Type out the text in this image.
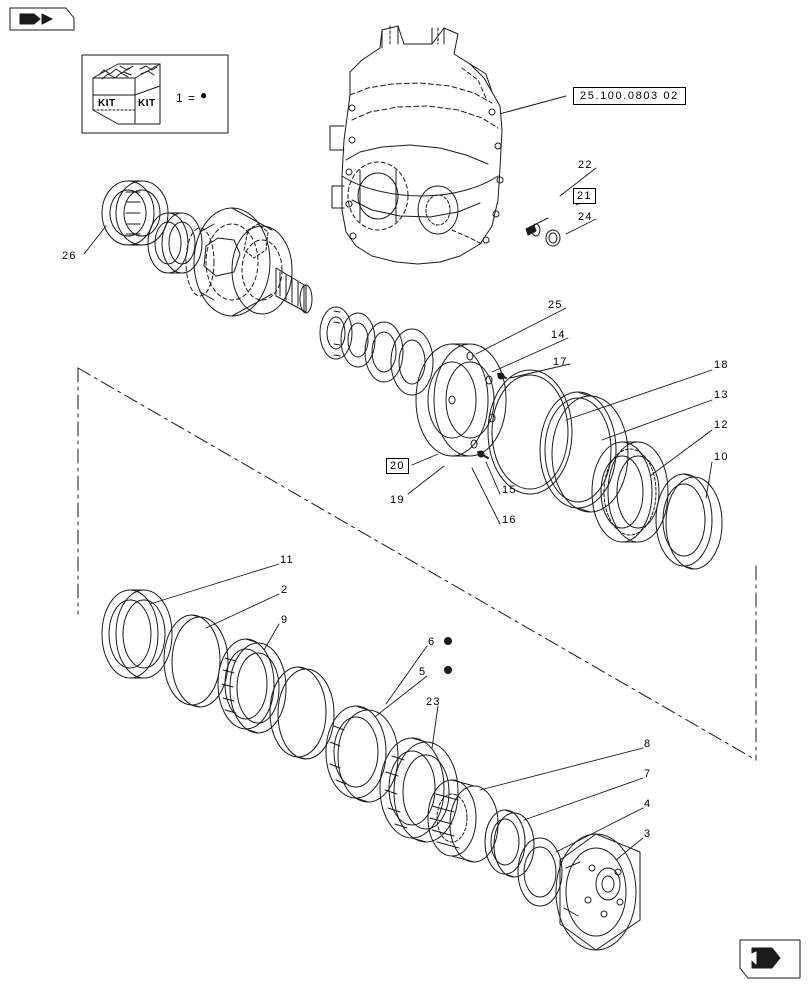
KIT KIT 1 = ●	25.100.0803 02
26
22
21
24
25
14
17	18
13
12
10
20
19
15
16
11
2
9
6
5
23
8
7
4
3
